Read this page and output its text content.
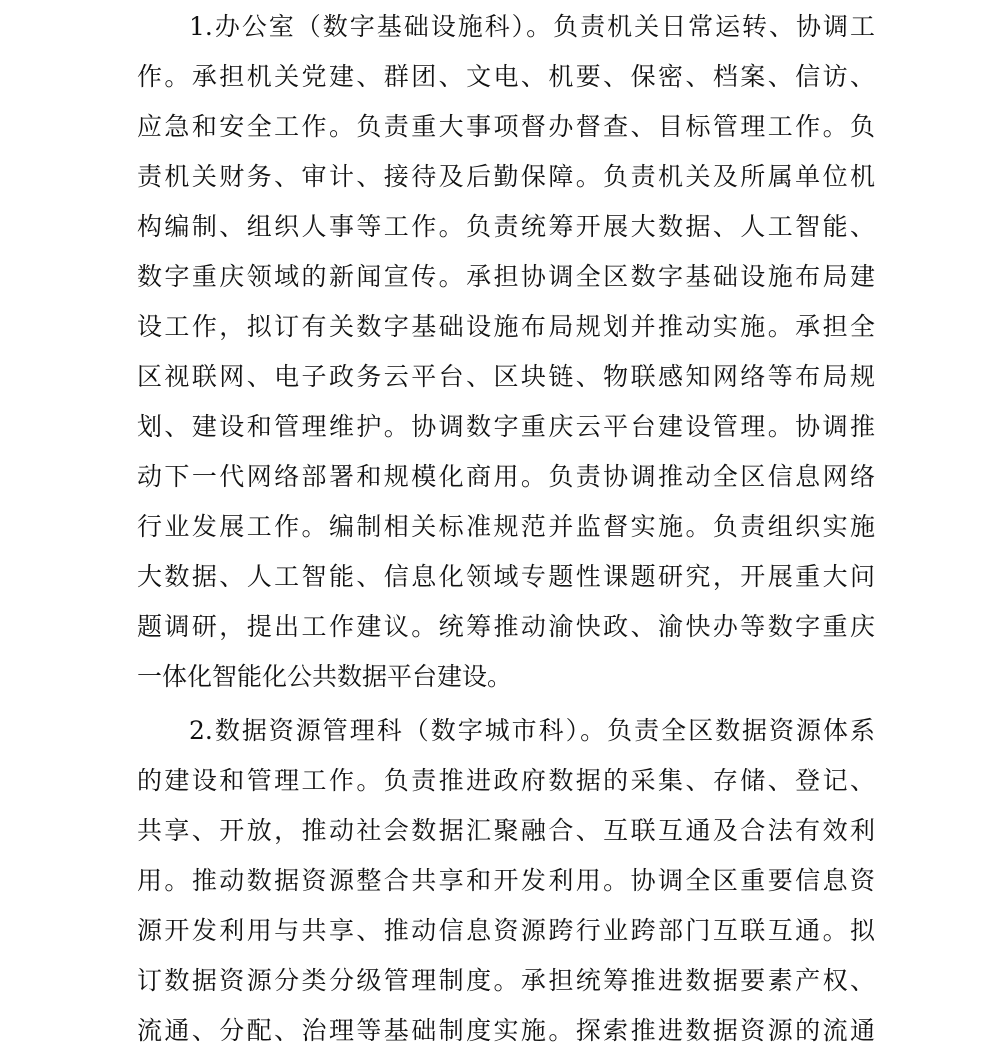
1.办公室（数字基础设施科）。负责机关日常运转、协调工
作。承担机关党建、群团、文电、机要、保密、档案、信访、
应急和安全工作。负责重大事项督办督查、目标管理工作。负
责机关财务、审计、接待及后勤保障。负责机关及所属单位机
构编制、组织人事等工作。负责统筹开展大数据、人工智能、
数字重庆领域的新闻宣传。承担协调全区数字基础设施布局建
设工作，拟订有关数字基础设施布局规划并推动实施。承担全
区视联网、电子政务云平台、区块链、物联感知网络等布局规
划、建设和管理维护。协调数字重庆云平台建设管理。协调推
动下一代网络部署和规模化商用。负责协调推动全区信息网络
行业发展工作。编制相关标准规范并监督实施。负责组织实施
大数据、人工智能、信息化领域专题性课题研究，开展重大问
题调研，提出工作建议。统筹推动渝快政、渝快办等数字重庆
一体化智能化公共数据平台建设。
2.数据资源管理科（数字城市科）。负责全区数据资源体系
的建设和管理工作。负责推进政府数据的采集、存储、登记、
共享、开放，推动社会数据汇聚融合、互联互通及合法有效利
用。推动数据资源整合共享和开发利用。协调全区重要信息资
源开发利用与共享、推动信息资源跨行业跨部门互联互通。拟
订数据资源分类分级管理制度。承担统筹推进数据要素产权、
流通、分配、治理等基础制度实施。探索推进数据资源的流通
